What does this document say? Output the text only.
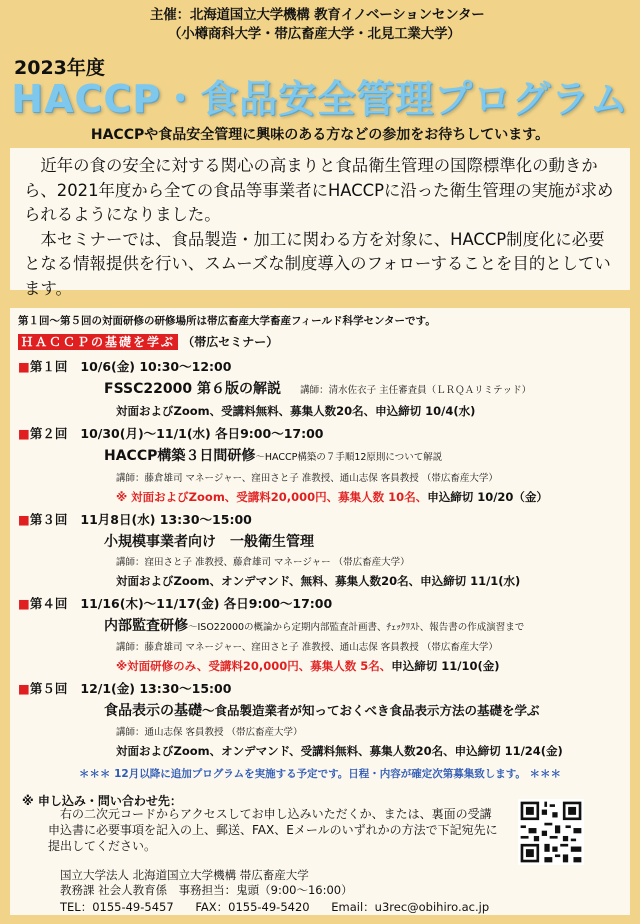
主催：北海道国立大学機構 教育イノベーションセンター
（小樽商科大学・帯広畜産大学・北見工業大学）
2023年度
HACCP・食品安全管理プログラム
HACCPや食品安全管理に興味のある方などの参加をお待ちしています。

近年の食の安全に対する関心の高まりと食品衛生管理の国際標準化の動きから、2021年度から全ての食品等事業者にHACCPに沿った衛生管理の実施が求められるようになりました。

本セミナーでは、食品製造・加工に関わる方を対象に、HACCP制度化に必要となる情報提供を行い、スムーズな制度導入のフォローすることを目的としています。

第１回～第５回の対面研修の研修場所は帯広畜産大学畜産フィールド科学センターです。
ＨＡＣＣＰの基礎を学ぶ （帯広セミナー）
■第１回 10/6(金) 10:30～12:00
FSSC22000 第６版の解説 講師：清水佐衣子 主任審査員（ＬＲＱＡリミテッド）
対面およびZoom、受講料無料、募集人数20名、申込締切 10/4(水)
■第２回 10/30(月)～11/1(水) 各日9:00～17:00
HACCP構築３日間研修～HACCP構築の７手順12原則について解説
講師：藤倉雄司 マネージャー、窪田さと子 准教授、通山志保 客員教授 （帯広畜産大学）
※ 対面およびZoom、受講料20,000円、募集人数 10名、申込締切 10/20（金）
■第３回 11月8日(水) 13:30～15:00
小規模事業者向け　一般衛生管理
講師：窪田さと子 准教授、藤倉雄司 マネージャー （帯広畜産大学）
対面およびZoom、オンデマンド、無料、募集人数20名、申込締切 11/1(水)
■第４回 11/16(木)～11/17(金) 各日9:00～17:00
内部監査研修～ISO22000の概論から定期内部監査計画書、ﾁｪｯｸﾘｽﾄ、報告書の作成演習まで
講師：藤倉雄司 マネージャー、窪田さと子 准教授、通山志保 客員教授 （帯広畜産大学）
※対面研修のみ、受講料20,000円、募集人数 5名、申込締切 11/10(金)
■第５回 12/1(金) 13:30～15:00
食品表示の基礎～食品製造業者が知っておくべき食品表示方法の基礎を学ぶ
講師：通山志保 客員教授 （帯広畜産大学）
対面およびZoom、オンデマンド、受講料無料、募集人数20名、申込締切 11/24(金)
＊＊＊ 12月以降に追加プログラムを実施する予定です。日程・内容が確定次第募集致します。 ＊＊＊
※ 申し込み・問い合わせ先：
右の二次元コードからアクセスしてお申し込みいただくか、または、裏面の受講申込書に必要事項を記入の上、郵送、FAX、Eメールのいずれかの方法で下記宛先に提出してください。
国立大学法人 北海道国立大学機構 帯広畜産大学
教務課 社会人教育係　事務担当：鬼頭（9:00～16:00）
TEL：0155-49-5457 FAX：0155-49-5420 Email：u3rec@obihiro.ac.jp
